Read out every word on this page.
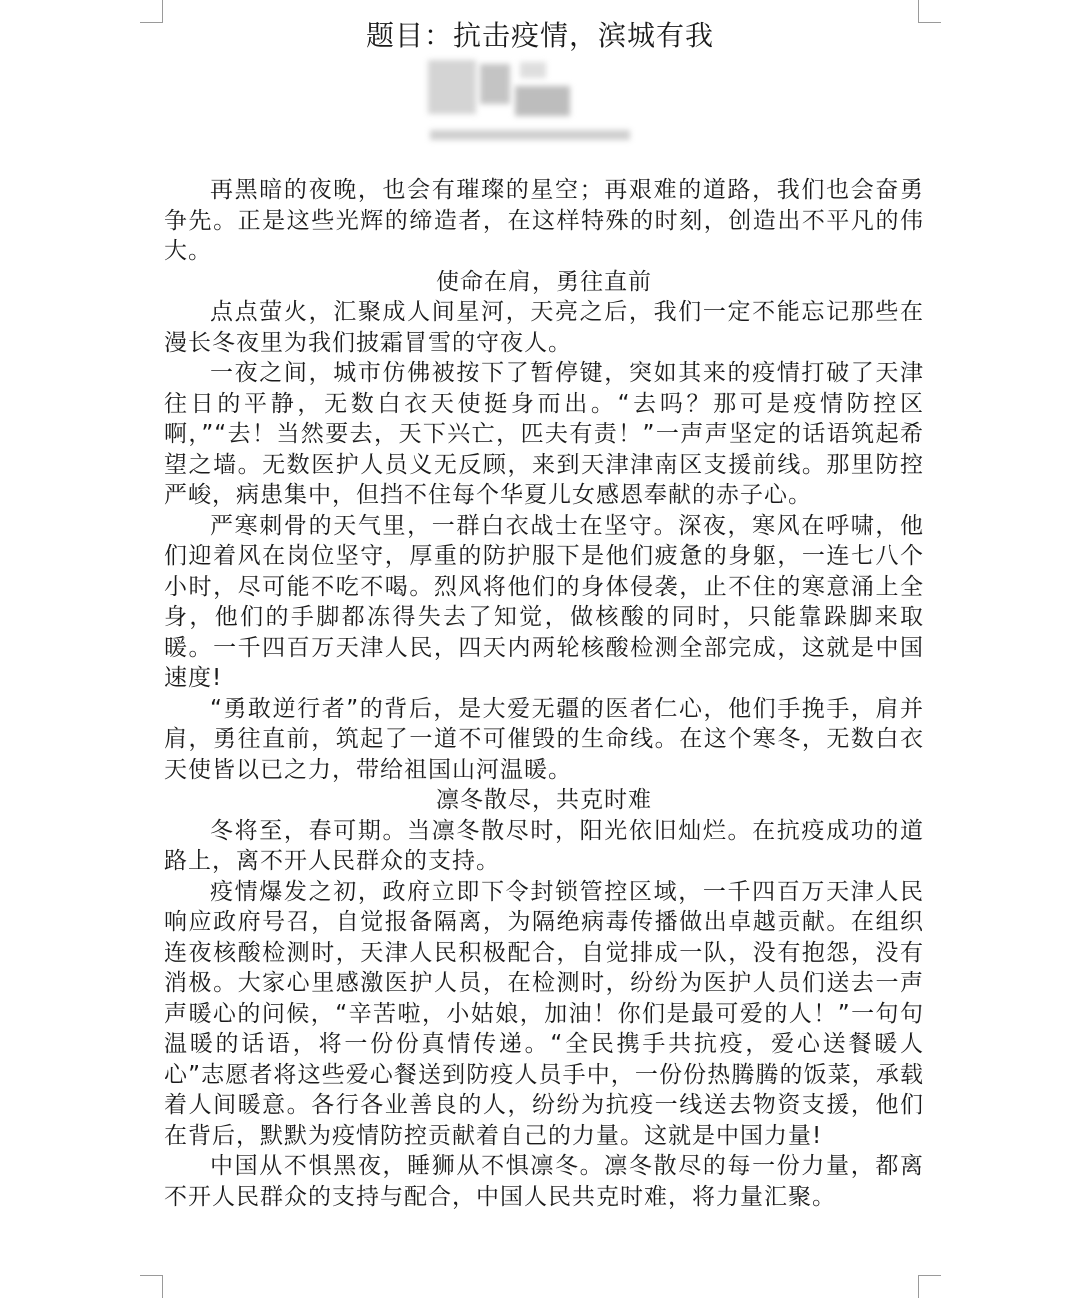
题目：抗击疫情，滨城有我

再黑暗的夜晚，也会有璀璨的星空；再艰难的道路，我们也会奋勇争先。正是这些光辉的缔造者，在这样特殊的时刻，创造出不平凡的伟大。

使命在肩，勇往直前

点点萤火，汇聚成人间星河，天亮之后，我们一定不能忘记那些在漫长冬夜里为我们披霜冒雪的守夜人。

一夜之间，城市仿佛被按下了暂停键，突如其来的疫情打破了天津往日的平静，无数白衣天使挺身而出。“去吗？那可是疫情防控区啊，”“去！当然要去，天下兴亡，匹夫有责！”一声声坚定的话语筑起希望之墙。无数医护人员义无反顾，来到天津津南区支援前线。那里防控严峻，病患集中，但挡不住每个华夏儿女感恩奉献的赤子心。

严寒刺骨的天气里，一群白衣战士在坚守。深夜，寒风在呼啸，他们迎着风在岗位坚守，厚重的防护服下是他们疲惫的身躯，一连七八个小时，尽可能不吃不喝。烈风将他们的身体侵袭，止不住的寒意涌上全身，他们的手脚都冻得失去了知觉，做核酸的同时，只能靠跺脚来取暖。一千四百万天津人民，四天内两轮核酸检测全部完成，这就是中国速度!

“勇敢逆行者”的背后，是大爱无疆的医者仁心，他们手挽手，肩并肩，勇往直前，筑起了一道不可催毁的生命线。在这个寒冬，无数白衣天使皆以已之力，带给祖国山河温暖。

凛冬散尽，共克时难

冬将至，春可期。当凛冬散尽时，阳光依旧灿烂。在抗疫成功的道路上，离不开人民群众的支持。

疫情爆发之初，政府立即下令封锁管控区域，一千四百万天津人民响应政府号召，自觉报备隔离，为隔绝病毒传播做出卓越贡献。在组织连夜核酸检测时，天津人民积极配合，自觉排成一队，没有抱怨，没有消极。大家心里感激医护人员，在检测时，纷纷为医护人员们送去一声声暖心的问候，“辛苦啦，小姑娘，加油！你们是最可爱的人！”一句句温暖的话语，将一份份真情传递。“全民携手共抗疫，爱心送餐暖人心”志愿者将这些爱心餐送到防疫人员手中，一份份热腾腾的饭菜，承载着人间暖意。各行各业善良的人，纷纷为抗疫一线送去物资支援，他们在背后，默默为疫情防控贡献着自己的力量。这就是中国力量!

中国从不惧黑夜，睡狮从不惧凛冬。凛冬散尽的每一份力量，都离不开人民群众的支持与配合，中国人民共克时难，将力量汇聚。
